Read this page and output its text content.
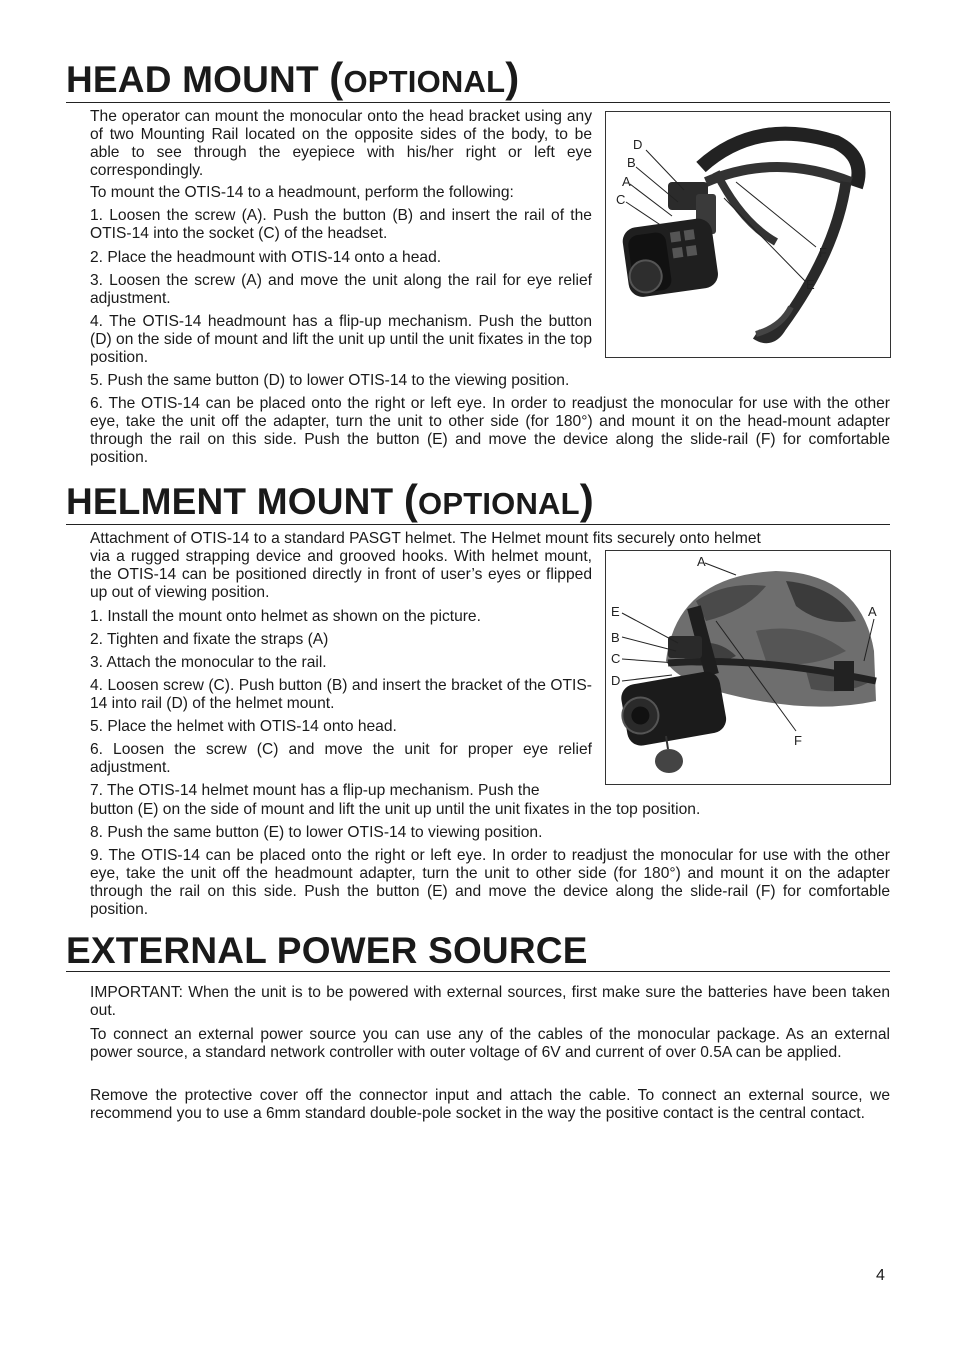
HEAD MOUNT (OPTIONAL)

The operator can mount the monocular onto the head bracket using any of two Mounting Rail located on the opposite sides of the body, to be able to see through the eyepiece with his/her right or left eye correspondingly.

To mount the OTIS-14 to a headmount, perform the following:

1. Loosen the screw (A). Push the button (B) and insert the rail of the OTIS-14 into the socket (C) of the headset.

2. Place the headmount with OTIS-14 onto a head.

3. Loosen the screw (A) and move the unit along the rail for eye relief adjustment.

4. The OTIS-14 headmount has a flip-up mechanism. Push the button (D) on the side of mount and lift the unit up until the unit fixates in the top position.

5. Push the same button (D) to lower OTIS-14 to the viewing position.

6. The OTIS-14 can be placed onto the right or left eye. In order to readjust the monocular for use with the other eye, take the unit off the adapter, turn the unit to other side (for 180°) and mount it on the head-mount adapter through the rail on this side. Push the button (E) and move the device along the slide-rail (F) for comfortable position.

D
B
A
C
F
E
HELMENT MOUNT (OPTIONAL)

Attachment of OTIS-14 to a standard PASGT helmet. The Helmet mount fits securely onto helmet

via a rugged strapping device and grooved hooks. With helmet mount, the OTIS-14 can be positioned directly in front of user’s eyes or flipped up out of viewing position.

1. Install the mount onto helmet as shown on the picture.

2. Tighten and fixate the straps (A)

3. Attach the monocular to the rail.

4. Loosen screw (C). Push button (B) and insert the bracket of the OTIS-14 into rail (D) of the helmet mount.

5. Place the helmet with OTIS-14 onto head.

6. Loosen the screw (C) and move the unit for proper eye relief adjustment.

7. The OTIS-14 helmet mount has a flip-up mechanism. Push the

button (E) on the side of mount and lift the unit up until the unit fixates in the top position.

8. Push the same button (E) to lower OTIS-14 to viewing position.

9. The OTIS-14 can be placed onto the right or left eye. In order to readjust the monocular for use with the other eye, take the unit off the headmount adapter, turn the unit to other side (for 180°) and mount it on the adapter through the rail on this side. Push the button (E) and move the device along the slide-rail (F) for comfortable position.

A
E	A
B
C
D
F
EXTERNAL POWER SOURCE

IMPORTANT: When the unit is to be powered with external sources, first make sure the batteries have been taken out.

To connect an external power source you can use any of the cables of the monocular package. As an external power source, a standard network controller with outer voltage of 6V and current of over 0.5A can be applied.

Remove the protective cover off the connector input and attach the cable. To connect an external source, we recommend you to use a 6mm standard double-pole socket in the way the positive contact is the central contact.

4
